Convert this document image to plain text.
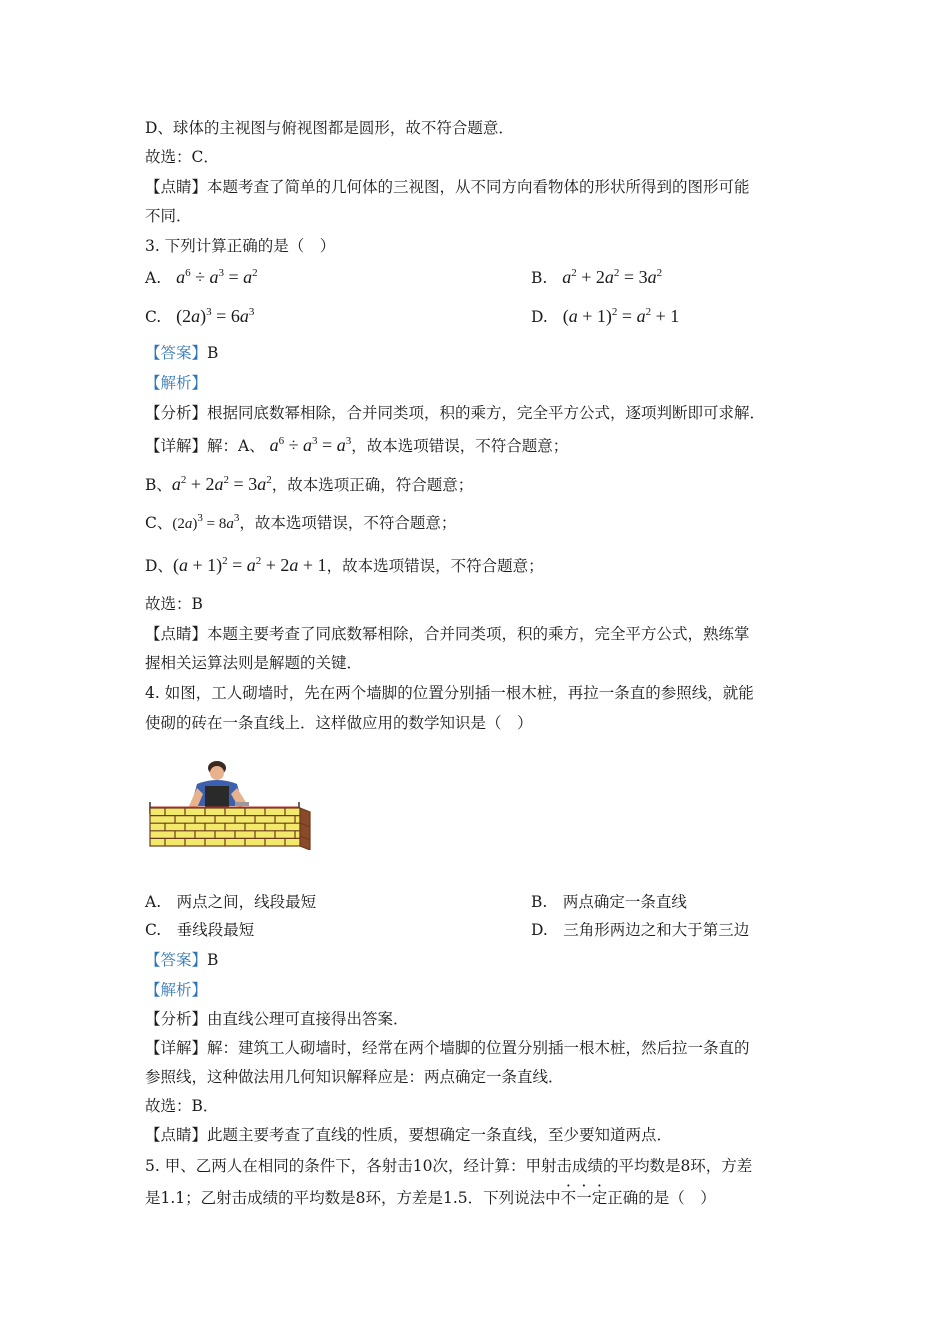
D、球体的主视图与俯视图都是圆形，故不符合题意．
故选：C．
【点睛】本题考查了简单的几何体的三视图，从不同方向看物体的形状所得到的图形可能
不同．
3. 下列计算正确的是（　）
A. $a^6 \div a^3 = a^2$	B. $a^2 + 2a^2 = 3a^2$
C. $(2a)^3 = 6a^3$	D. $(a + 1)^2 = a^2 + 1$
【答案】B
【解析】
【分析】根据同底数幂相除，合并同类项，积的乘方，完全平方公式，逐项判断即可求解．
【详解】解：A、 $a^6 \div a^3 = a^3$，故本选项错误，不符合题意；
B、$a^2 + 2a^2 = 3a^2$，故本选项正确，符合题意；
C、$(2a)^3 = 8a^3$，故本选项错误，不符合题意；
D、$(a + 1)^2 = a^2 + 2a + 1$，故本选项错误，不符合题意；
故选：B
【点睛】本题主要考查了同底数幂相除，合并同类项，积的乘方，完全平方公式，熟练掌
握相关运算法则是解题的关键．
4. 如图，工人砌墙时，先在两个墙脚的位置分别插一根木桩，再拉一条直的参照线，就能
使砌的砖在一条直线上．这样做应用的数学知识是（　）
A.　两点之间，线段最短	B.　两点确定一条直线
C.　垂线段最短	D.　三角形两边之和大于第三边
【答案】B
【解析】
【分析】由直线公理可直接得出答案．
【详解】解：建筑工人砌墙时，经常在两个墙脚的位置分别插一根木桩，然后拉一条直的
参照线，这种做法用几何知识解释应是：两点确定一条直线．
故选：B．
【点睛】此题主要考查了直线的性质，要想确定一条直线，至少要知道两点．
5. 甲、乙两人在相同的条件下，各射击10次，经计算：甲射击成绩的平均数是8环，方差
是1.1；乙射击成绩的平均数是8环，方差是1.5．下列说法中不一定正确的是（　）
